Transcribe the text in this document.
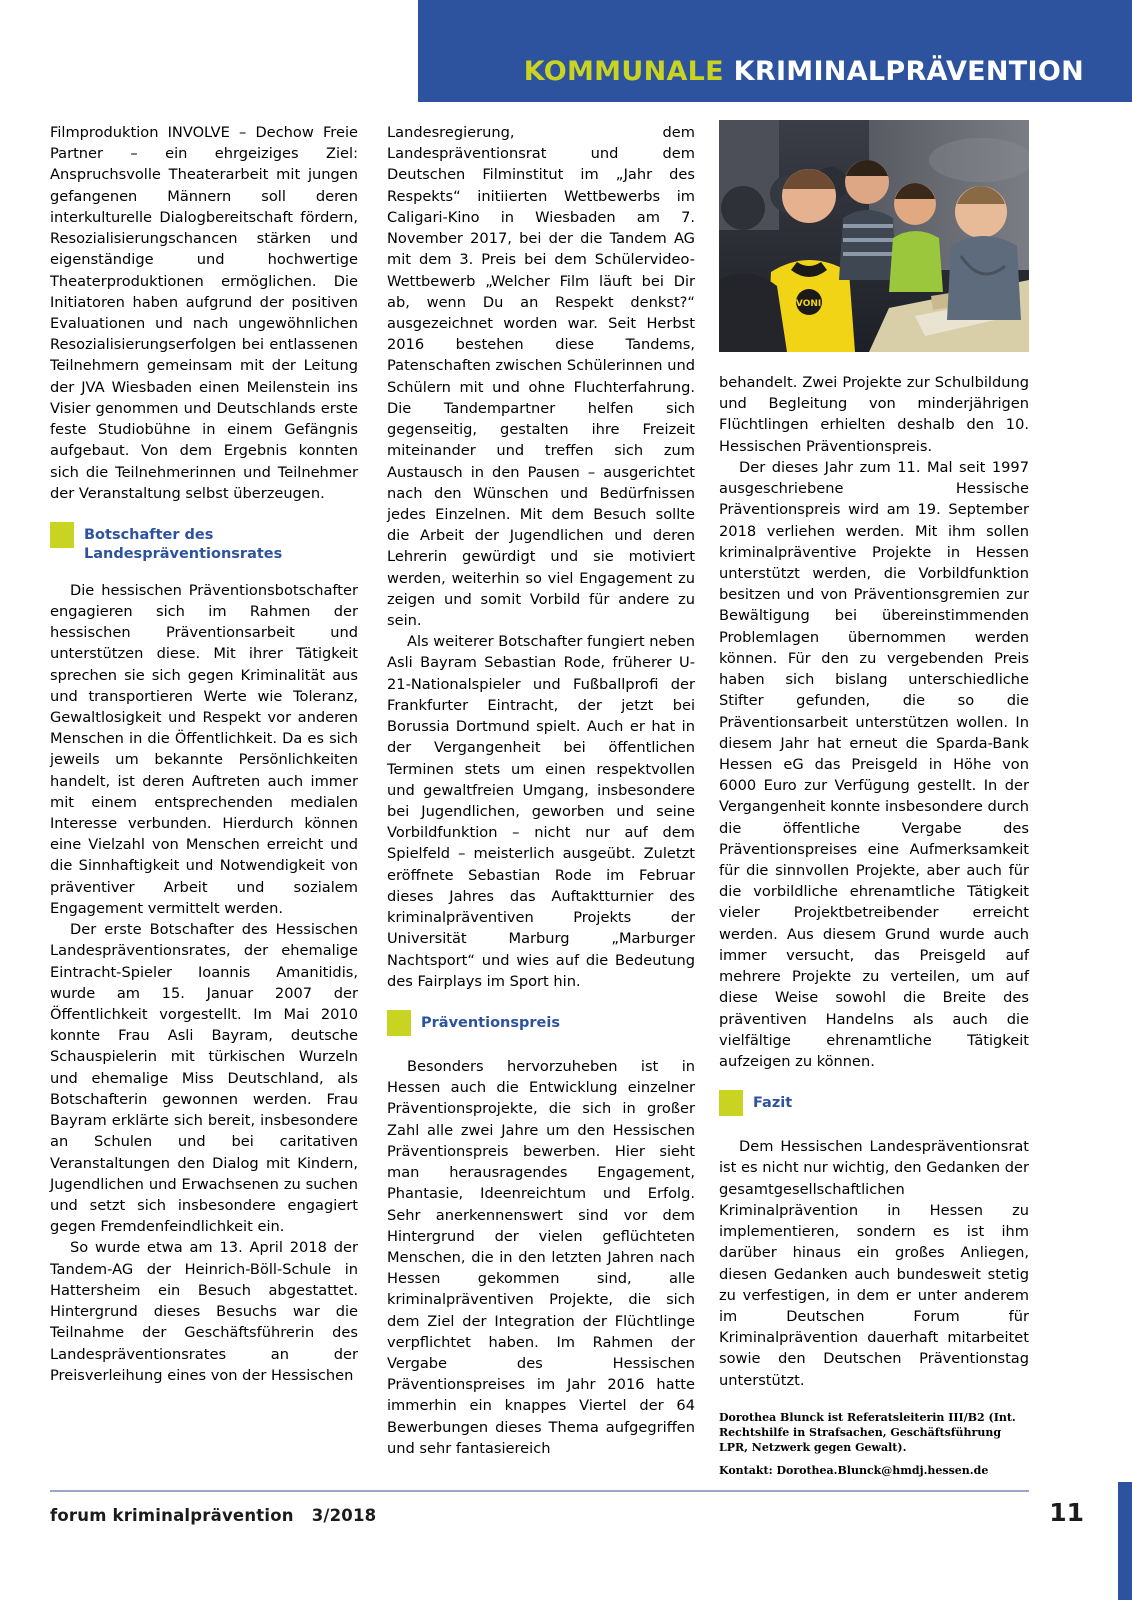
KOMMUNALE KRIMINALPRÄVENTION
EVONIK

Filmproduktion INVOLVE – Dechow Freie Partner – ein ehrgeiziges Ziel: Anspruchsvolle Theaterarbeit mit jungen gefangenen Männern soll deren interkulturelle Dialogbereitschaft fördern, Resozialisierungschancen stärken und eigenständige und hochwertige Theaterproduktionen ermöglichen. Die Initiatoren haben aufgrund der positiven Evaluationen und nach ungewöhnlichen Resozialisierungserfolgen bei entlassenen Teilnehmern gemeinsam mit der Leitung der JVA Wiesbaden einen Meilenstein ins Visier genommen und Deutschlands erste feste Studiobühne in einem Gefängnis aufgebaut. Von dem Ergebnis konnten sich die Teilnehmerinnen und Teilnehmer der Veranstaltung selbst überzeugen.

Botschafter des Landespräventionsrates

Die hessischen Präventionsbotschafter engagieren sich im Rahmen der hessischen Präventionsarbeit und unterstützen diese. Mit ihrer Tätigkeit sprechen sie sich gegen Kriminalität aus und transportieren Werte wie Toleranz, Gewaltlosigkeit und Respekt vor anderen Menschen in die Öffentlichkeit. Da es sich jeweils um bekannte Persönlichkeiten handelt, ist deren Auftreten auch immer mit einem entsprechenden medialen Interesse verbunden. Hierdurch können eine Vielzahl von Menschen erreicht und die Sinnhaftigkeit und Notwendigkeit von präventiver Arbeit und sozialem Engagement vermittelt werden.

Der erste Botschafter des Hessischen Landespräventionsrates, der ehemalige Eintracht-Spieler Ioannis Amanitidis, wurde am 15. Januar 2007 der Öffentlichkeit vorgestellt. Im Mai 2010 konnte Frau Asli Bayram, deutsche Schauspielerin mit türkischen Wurzeln und ehemalige Miss Deutschland, als Botschafterin gewonnen werden. Frau Bayram erklärte sich bereit, insbesondere an Schulen und bei caritativen Veranstaltungen den Dialog mit Kindern, Jugendlichen und Erwachsenen zu suchen und setzt sich insbesondere engagiert gegen Fremdenfeindlichkeit ein.

So wurde etwa am 13. April 2018 der Tandem-AG der Heinrich-Böll-Schule in Hattersheim ein Besuch abgestattet. Hintergrund dieses Besuchs war die Teilnahme der Geschäftsführerin des Landespräventionsrates an der Preisverleihung eines von der Hessischen

Landesregierung, dem Landespräventionsrat und dem Deutschen Filminstitut im „Jahr des Respekts“ initiierten Wettbewerbs im Caligari-Kino in Wiesbaden am 7. November 2017, bei der die Tandem AG mit dem 3. Preis bei dem Schülervideo-Wettbewerb „Welcher Film läuft bei Dir ab, wenn Du an Respekt denkst?“ ausgezeichnet worden war. Seit Herbst 2016 bestehen diese Tandems, Patenschaften zwischen Schülerinnen und Schülern mit und ohne Fluchterfahrung. Die Tandempartner helfen sich gegenseitig, gestalten ihre Freizeit miteinander und treffen sich zum Austausch in den Pausen – ausgerichtet nach den Wünschen und Bedürfnissen jedes Einzelnen. Mit dem Besuch sollte die Arbeit der Jugendlichen und deren Lehrerin gewürdigt und sie motiviert werden, weiterhin so viel Engagement zu zeigen und somit Vorbild für andere zu sein.

Als weiterer Botschafter fungiert neben Asli Bayram Sebastian Rode, früherer U-21-Nationalspieler und Fußballprofi der Frankfurter Eintracht, der jetzt bei Borussia Dortmund spielt. Auch er hat in der Vergangenheit bei öffentlichen Terminen stets um einen respektvollen und gewaltfreien Umgang, insbesondere bei Jugendlichen, geworben und seine Vorbildfunktion – nicht nur auf dem Spielfeld – meisterlich ausgeübt. Zuletzt eröffnete Sebastian Rode im Februar dieses Jahres das Auftaktturnier des kriminalpräventiven Projekts der Universität Marburg „Marburger Nachtsport“ und wies auf die Bedeutung des Fairplays im Sport hin.

Präventionspreis

Besonders hervorzuheben ist in Hessen auch die Entwicklung einzelner Präventionsprojekte, die sich in großer Zahl alle zwei Jahre um den Hessischen Präventionspreis bewerben. Hier sieht man herausragendes Engagement, Phantasie, Ideenreichtum und Erfolg. Sehr anerkennenswert sind vor dem Hintergrund der vielen geflüchteten Menschen, die in den letzten Jahren nach Hessen gekommen sind, alle kriminalpräventiven Projekte, die sich dem Ziel der Integration der Flüchtlinge verpflichtet haben. Im Rahmen der Vergabe des Hessischen Präventionspreises im Jahr 2016 hatte immerhin ein knappes Viertel der 64 Bewerbungen dieses Thema aufgegriffen und sehr fantasiereich

behandelt. Zwei Projekte zur Schulbildung und Begleitung von minderjährigen Flüchtlingen erhielten deshalb den 10. Hessischen Präventionspreis.

Der dieses Jahr zum 11. Mal seit 1997 ausgeschriebene Hessische Präventionspreis wird am 19. September 2018 verliehen werden. Mit ihm sollen kriminalpräventive Projekte in Hessen unterstützt werden, die Vorbildfunktion besitzen und von Präventionsgremien zur Bewältigung bei übereinstimmenden Problemlagen übernommen werden können. Für den zu vergebenden Preis haben sich bislang unterschiedliche Stifter gefunden, die so die Präventionsarbeit unterstützen wollen. In diesem Jahr hat erneut die Sparda-Bank Hessen eG das Preisgeld in Höhe von 6000 Euro zur Verfügung gestellt. In der Vergangenheit konnte insbesondere durch die öffentliche Vergabe des Präventionspreises eine Aufmerksamkeit für die sinnvollen Projekte, aber auch für die vorbildliche ehrenamtliche Tätigkeit vieler Projektbetreibender erreicht werden. Aus diesem Grund wurde auch immer versucht, das Preisgeld auf mehrere Projekte zu verteilen, um auf diese Weise sowohl die Breite des präventiven Handelns als auch die vielfältige ehrenamtliche Tätigkeit aufzeigen zu können.

Fazit

Dem Hessischen Landespräventionsrat ist es nicht nur wichtig, den Gedanken der gesamtgesellschaftlichen Kriminalprävention in Hessen zu implementieren, sondern es ist ihm darüber hinaus ein großes Anliegen, diesen Gedanken auch bundesweit stetig zu verfestigen, in dem er unter anderem im Deutschen Forum für Kriminalprävention dauerhaft mitarbeitet sowie den Deutschen Präventionstag unterstützt.

Dorothea Blunck ist Referatsleiterin III/B2 (Int. Rechtshilfe in Strafsachen, Geschäftsführung LPR, Netzwerk gegen Gewalt).
Kontakt: Dorothea.Blunck@hmdj.hessen.de
forum kriminalprävention 3/2018	11
